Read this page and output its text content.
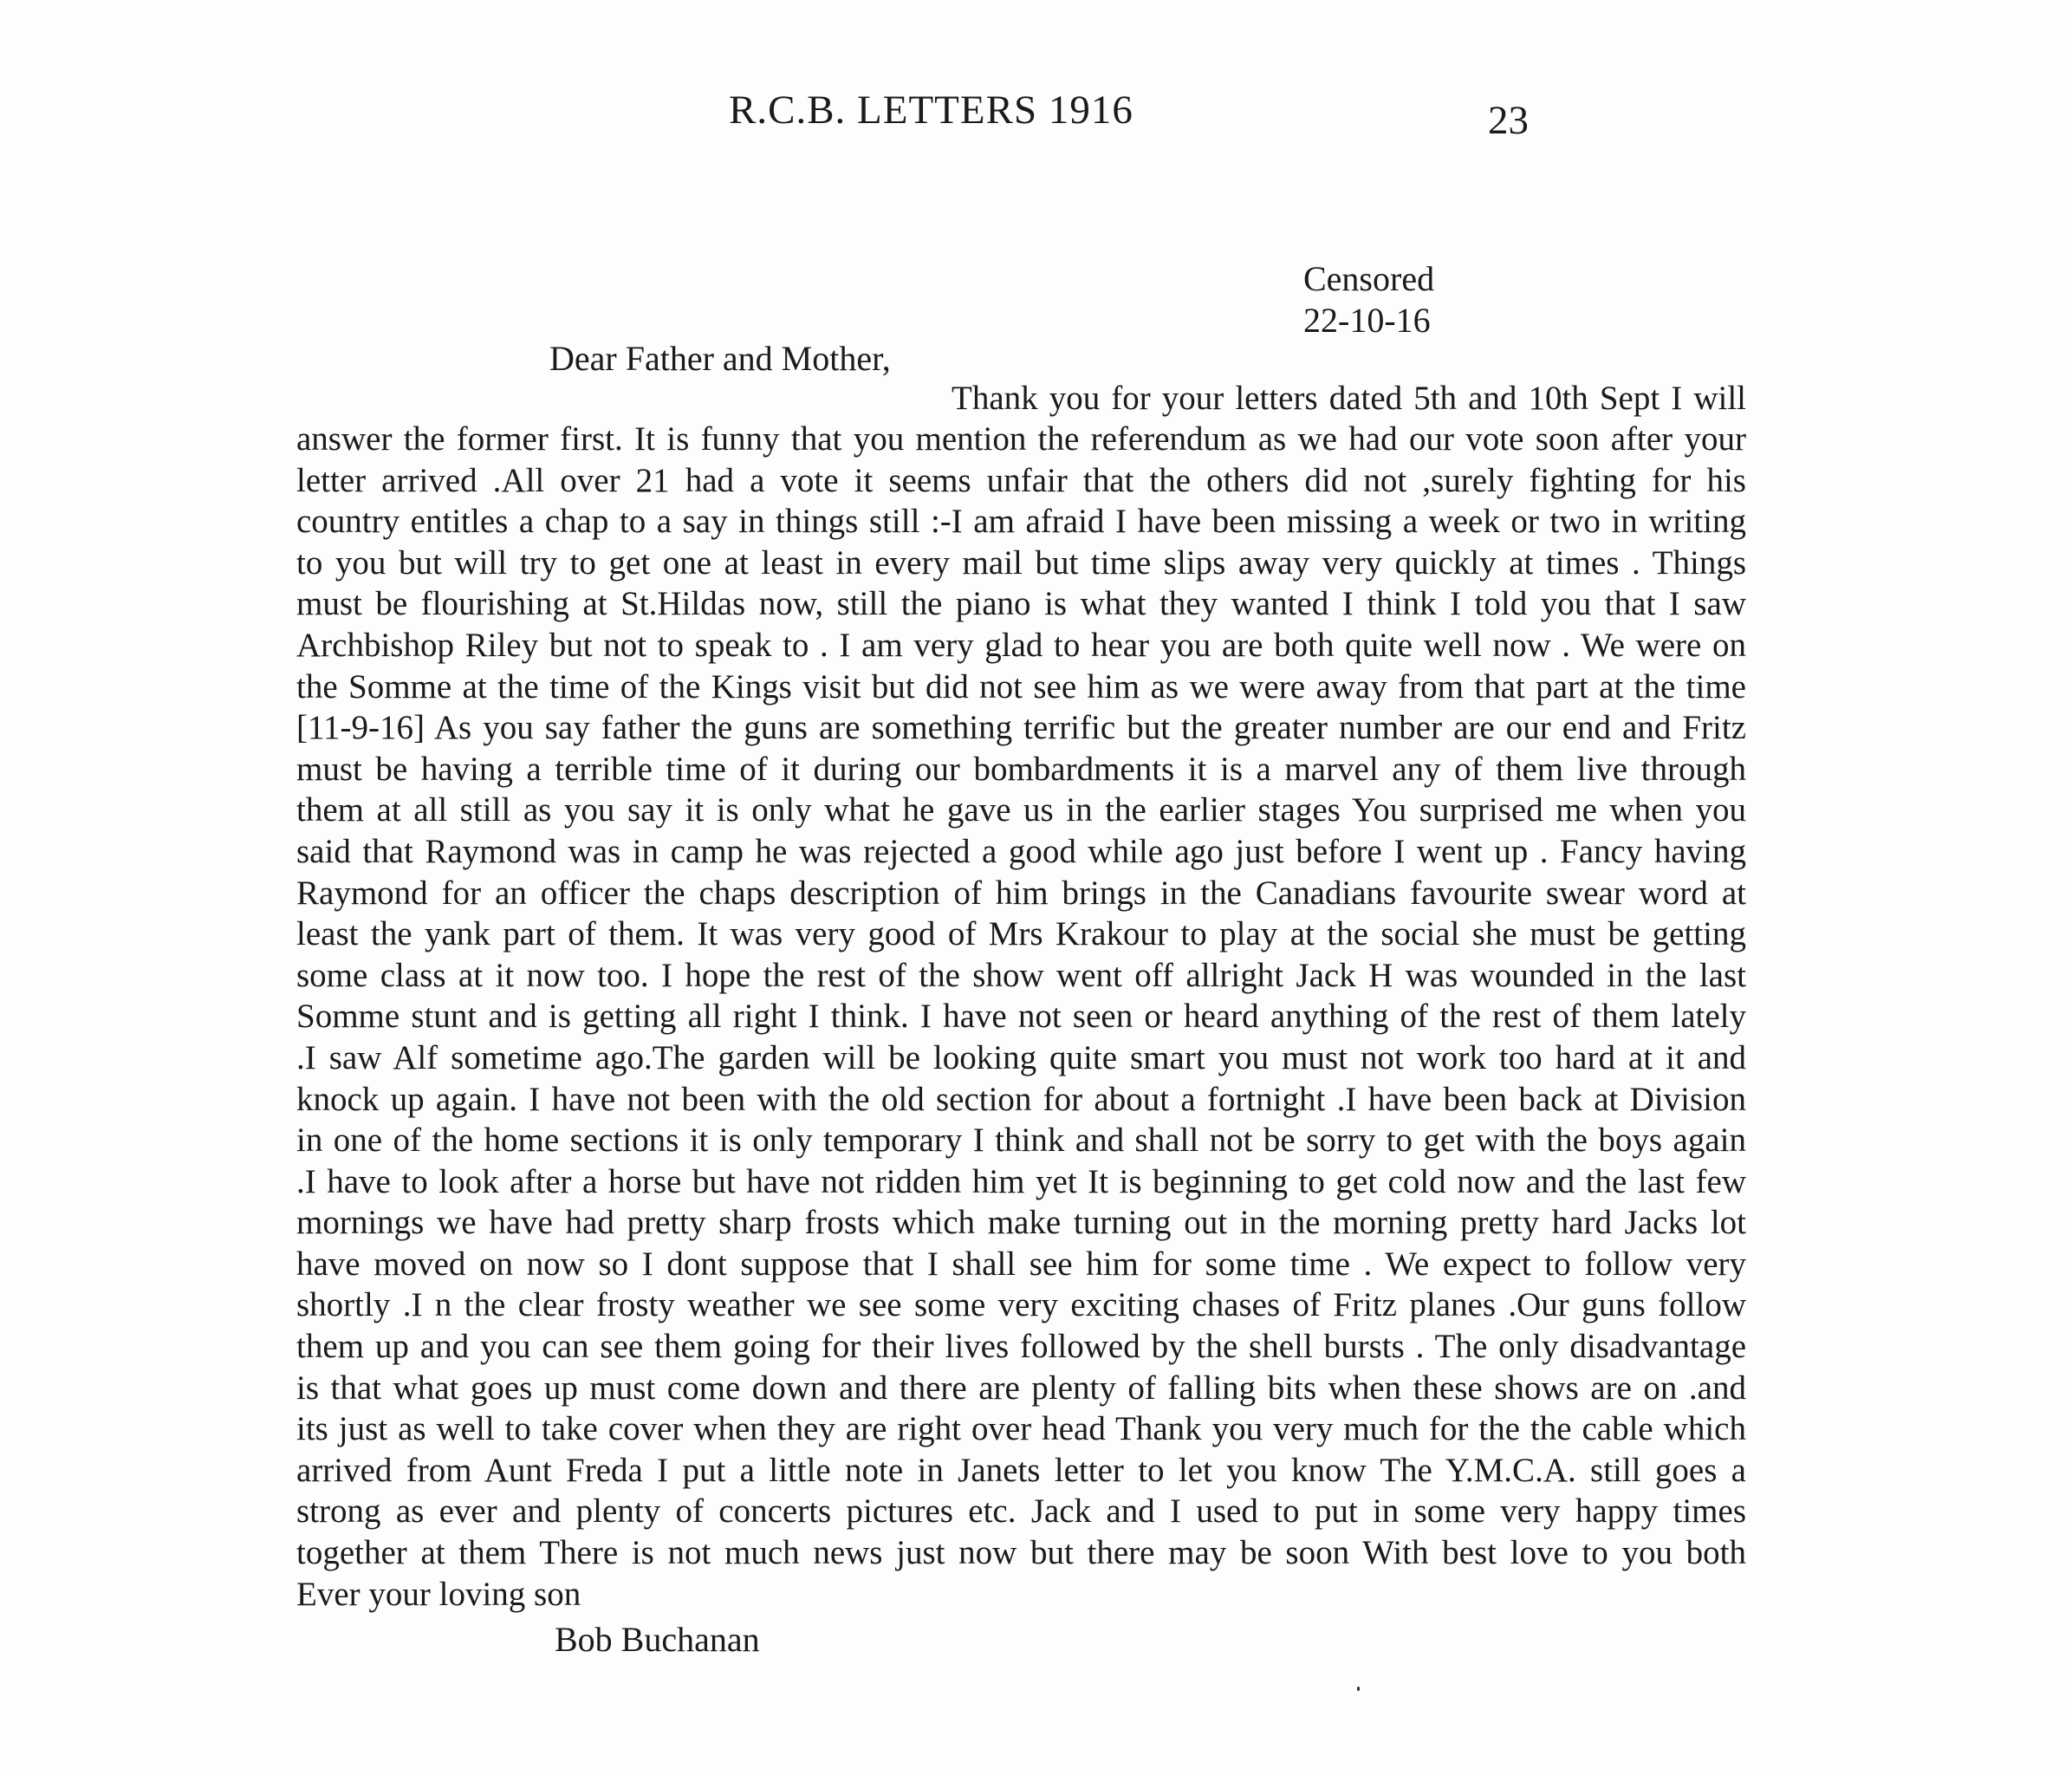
R.C.B. LETTERS 1916	23
Censored
22-10-16
Dear Father and Mother,
Thank you for your letters dated 5th and 10th Sept I will
answer the former first. It is funny that you mention the referendum as we had our vote soon after your
letter arrived .All over 21 had a vote it seems unfair that the others did not ,surely fighting for his
country entitles a chap to a say in things still :-I am afraid I have been missing a week or two in writing
to you but will try to get one at least in every mail but time slips away very quickly at times . Things
must be flourishing at St.Hildas now, still the piano is what they wanted I think I told you that I saw
Archbishop Riley but not to speak to . I am very glad to hear you are both quite well now . We were on
the Somme at the time of the Kings visit but did not see him as we were away from that part at the time
[11-9-16] As you say father the guns are something terrific but the greater number are our end and Fritz
must be having a terrible time of it during our bombardments it is a marvel any of them live through
them at all still as you say it is only what he gave us in the earlier stages You surprised me when you
said that Raymond was in camp he was rejected a good while ago just before I went up . Fancy having
Raymond for an officer the chaps description of him brings in the Canadians favourite swear word at
least the yank part of them. It was very good of Mrs Krakour to play at the social she must be getting
some class at it now too. I hope the rest of the show went off allright Jack H was wounded in the last
Somme stunt and is getting all right I think. I have not seen or heard anything of the rest of them lately
.I saw Alf sometime ago.The garden will be looking quite smart you must not work too hard at it and
knock up again. I have not been with the old section for about a fortnight .I have been back at Division
in one of the home sections it is only temporary I think and shall not be sorry to get with the boys again
.I have to look after a horse but have not ridden him yet It is beginning to get cold now and the last few
mornings we have had pretty sharp frosts which make turning out in the morning pretty hard Jacks lot
have moved on now so I dont suppose that I shall see him for some time . We expect to follow very
shortly .I n the clear frosty weather we see some very exciting chases of Fritz planes .Our guns follow
them up and you can see them going for their lives followed by the shell bursts . The only disadvantage
is that what goes up must come down and there are plenty of falling bits when these shows are on .and
its just as well to take cover when they are right over head Thank you very much for the the cable which
arrived from Aunt Freda I put a little note in Janets letter to let you know The Y.M.C.A. still goes a
strong as ever and plenty of concerts pictures etc. Jack and I used to put in some very happy times
together at them There is not much news just now but there may be soon With best love to you both
Ever your loving son
Bob Buchanan
